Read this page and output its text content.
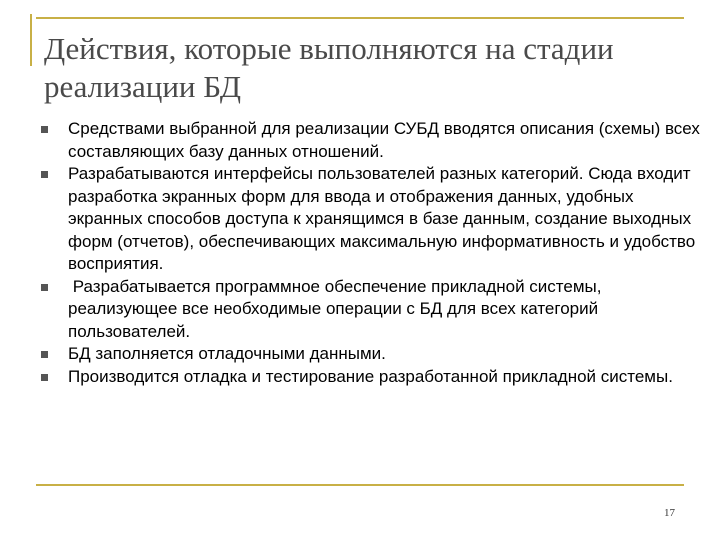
Действия, которые выполняются на стадии реализации БД
Средствами выбранной для реализации СУБД вводятся описания (схемы) всех составляющих базу данных отношений.
Разрабатываются интерфейсы пользователей разных категорий. Сюда входит разработка экранных форм для ввода и отображения данных, удобных экранных способов доступа к хранящимся в базе данным, создание выходных форм (отчетов), обеспечивающих максимальную информативность и удобство восприятия.
Разрабатывается программное обеспечение прикладной системы, реализующее все необходимые операции с БД для всех категорий пользователей.
БД заполняется отладочными данными.
Производится отладка и тестирование разработанной прикладной системы.
17
